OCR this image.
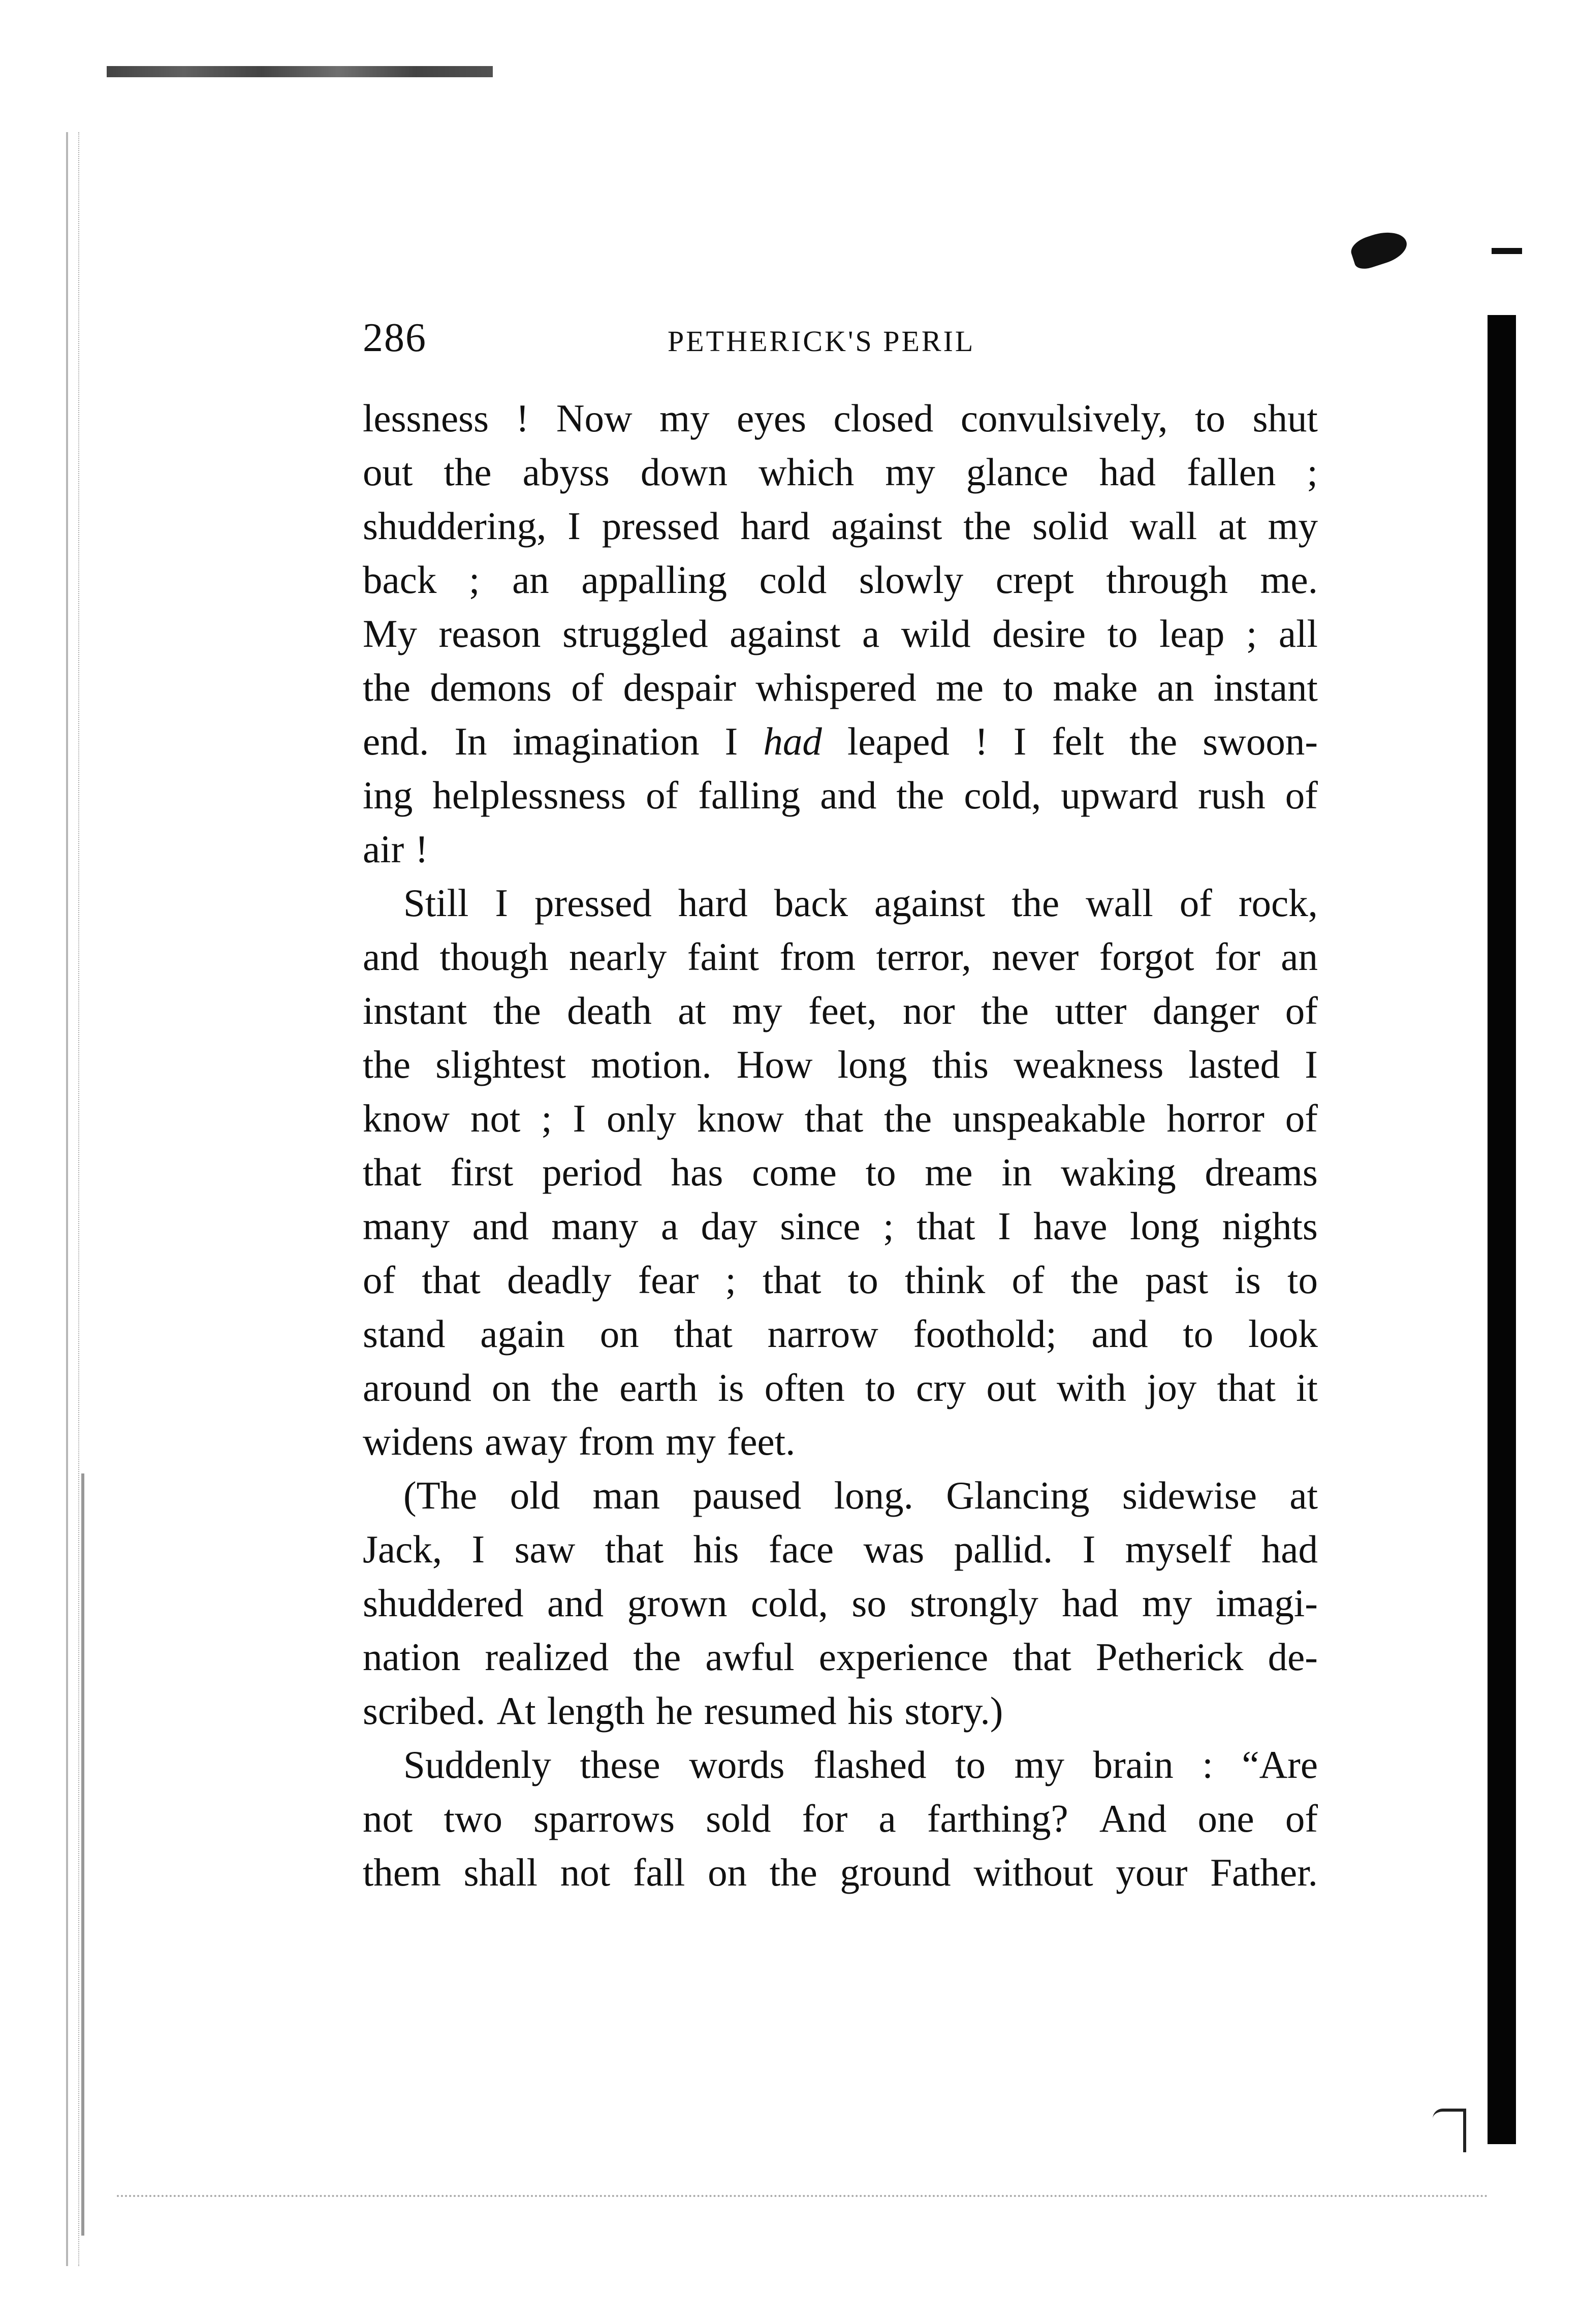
286	PETHERICK'S PERIL
lessness ! Now my eyes closed convulsively, to shut
out the abyss down which my glance had fallen ;
shuddering, I pressed hard against the solid wall at my
back ; an appalling cold slowly crept through me.
My reason struggled against a wild desire to leap ; all
the demons of despair whispered me to make an instant
end. In imagination I had leaped ! I felt the swoon-
ing helplessness of falling and the cold, upward rush of
air !
Still I pressed hard back against the wall of rock,
and though nearly faint from terror, never forgot for an
instant the death at my feet, nor the utter danger of
the slightest motion. How long this weakness lasted I
know not ; I only know that the unspeakable horror of
that first period has come to me in waking dreams
many and many a day since ; that I have long nights
of that deadly fear ; that to think of the past is to
stand again on that narrow foothold; and to look
around on the earth is often to cry out with joy that it
widens away from my feet.
(The old man paused long. Glancing sidewise at
Jack, I saw that his face was pallid. I myself had
shuddered and grown cold, so strongly had my imagi-
nation realized the awful experience that Petherick de-
scribed. At length he resumed his story.)
Suddenly these words flashed to my brain : “Are
not two sparrows sold for a farthing? And one of
them shall not fall on the ground without your Father.
